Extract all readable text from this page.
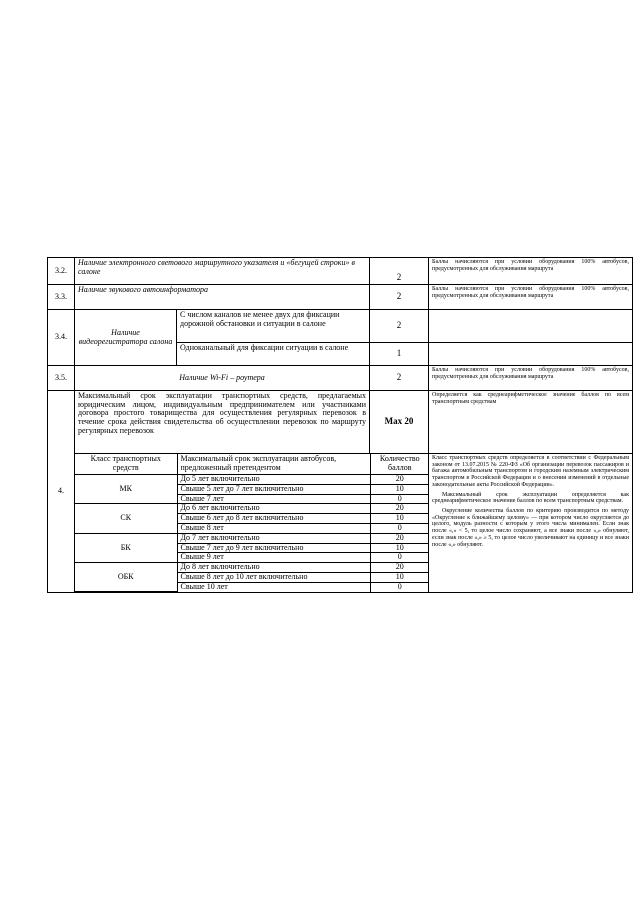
3.2.	Наличие электронного светового маршрутного указателя и «бегущей строки» в салоне	2	Баллы начисляются при условии оборудования 100% автобусов, предусмотренных для обслуживания маршрута
3.3.	Наличие звукового автоинформатора	2	Баллы начисляются при условии оборудования 100% автобусов, предусмотренных для обслуживания маршрута
3.4.	Наличие видеорегистратора салона	С числом каналов не менее двух для фиксации дорожной обстановки и ситуации в салоне	2	
Одноканальный для фиксации ситуации в салоне	1	
3.5.	Наличие Wi-Fi – роутера	2	Баллы начисляются при условии оборудования 100% автобусов, предусмотренных для обслуживания маршрута
4.	Максимальный срок эксплуатации транспортных средств, предлагаемых юридическим лицом, индивидуальным предпринимателем или участниками договора простого товарищества для осуществления регулярных перевозок в течение срока действия свидетельства об осуществлении перевозок по маршруту регулярных перевозок	Max 20	Определяется как среднеарифметическое значение баллов по всем транспортным средствам

Класс транспортных средств	Максимальный срок эксплуатации автобусов, предложенный претендентом	Количество баллов
МК	До 5 лет включительно	20
Свыше 5 лет до 7 лет включительно	10
Свыше 7 лет	0
СК	До 6 лет включительно	20
Свыше 6 лет до 8 лет включительно	10
Свыше 8 лет	0
БК	До 7 лет включительно	20
Свыше 7 лет до 9 лет включительно	10
Свыше 9 лет	0
ОБК	До 8 лет включительно	20
Свыше 8 лет до 10 лет включительно	10
Свыше 10 лет	0

Класс транспортных средств определяется в соответствии с Федеральным законом от 13.07.2015 № 220-ФЗ «Об организации перевозок пассажиров и багажа автомобильным транспортом и городским наземным электрическим транспортом в Российской Федерации и о внесении изменений в отдельные законодательные акты Российской Федерации».

Максимальный срок эксплуатации определяется как среднеарифметическое значение баллов по всем транспортным средствам.

Округление количества баллов по критерию производится по методу «Округление к ближайшему целому» — при котором число округляется до целого, модуль разности с которым у этого числа минимален. Если знак после «,» < 5, то целое число сохраняют, а все знаки после «,» обнуляют, если знак после «,» ≥ 5, то целое число увеличивают на единицу и все знаки после «,» обнуляют.
